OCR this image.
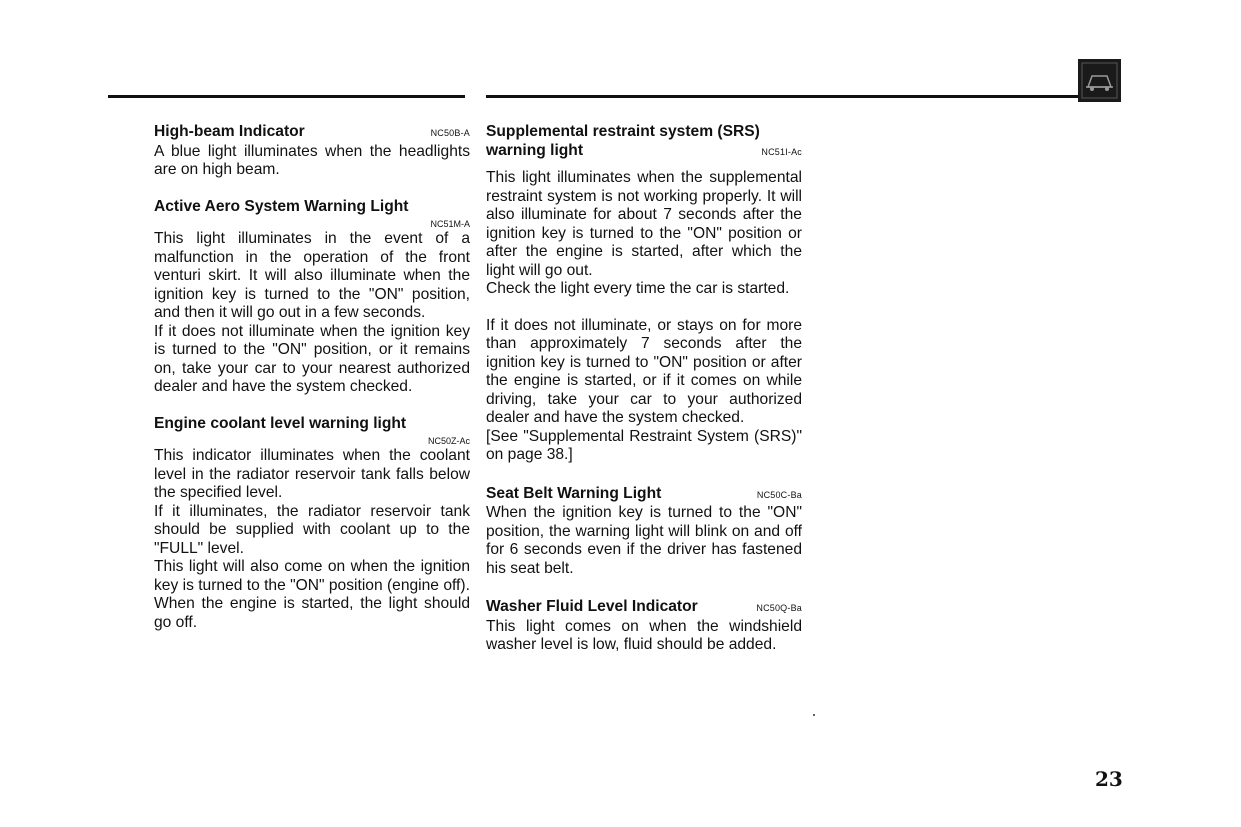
High-beam Indicator	NC50B-A

A blue light illuminates when the headlights are on high beam.

Active Aero System Warning Light
NC51M-A

This light illuminates in the event of a malfunction in the operation of the front venturi skirt. It will also illuminate when the ignition key is turned to the "ON" position, and then it will go out in a few seconds.

If it does not illuminate when the ignition key is turned to the "ON" position, or it remains on, take your car to your nearest authorized dealer and have the system checked.

Engine coolant level warning light
NC50Z-Ac

This indicator illuminates when the coolant level in the radiator reservoir tank falls below the specified level.

If it illuminates, the radiator reservoir tank should be supplied with coolant up to the "FULL" level.

This light will also come on when the ignition key is turned to the "ON" position (engine off).

When the engine is started, the light should go off.

Supplemental restraint system (SRS)
warning light	NC51I-Ac

This light illuminates when the supplemental restraint system is not working properly. It will also illuminate for about 7 seconds after the ignition key is turned to the "ON" position or after the engine is started, after which the light will go out.

Check the light every time the car is started.

If it does not illuminate, or stays on for more than approximately 7 seconds after the ignition key is turned to "ON" position or after the engine is started, or if it comes on while driving, take your car to your authorized dealer and have the system checked.

[See "Supplemental Restraint System (SRS)" on page 38.]

Seat Belt Warning Light	NC50C-Ba

When the ignition key is turned to the "ON" position, the warning light will blink on and off for 6 seconds even if the driver has fastened his seat belt.

Washer Fluid Level Indicator	NC50Q-Ba

This light comes on when the windshield washer level is low, fluid should be added.

23
